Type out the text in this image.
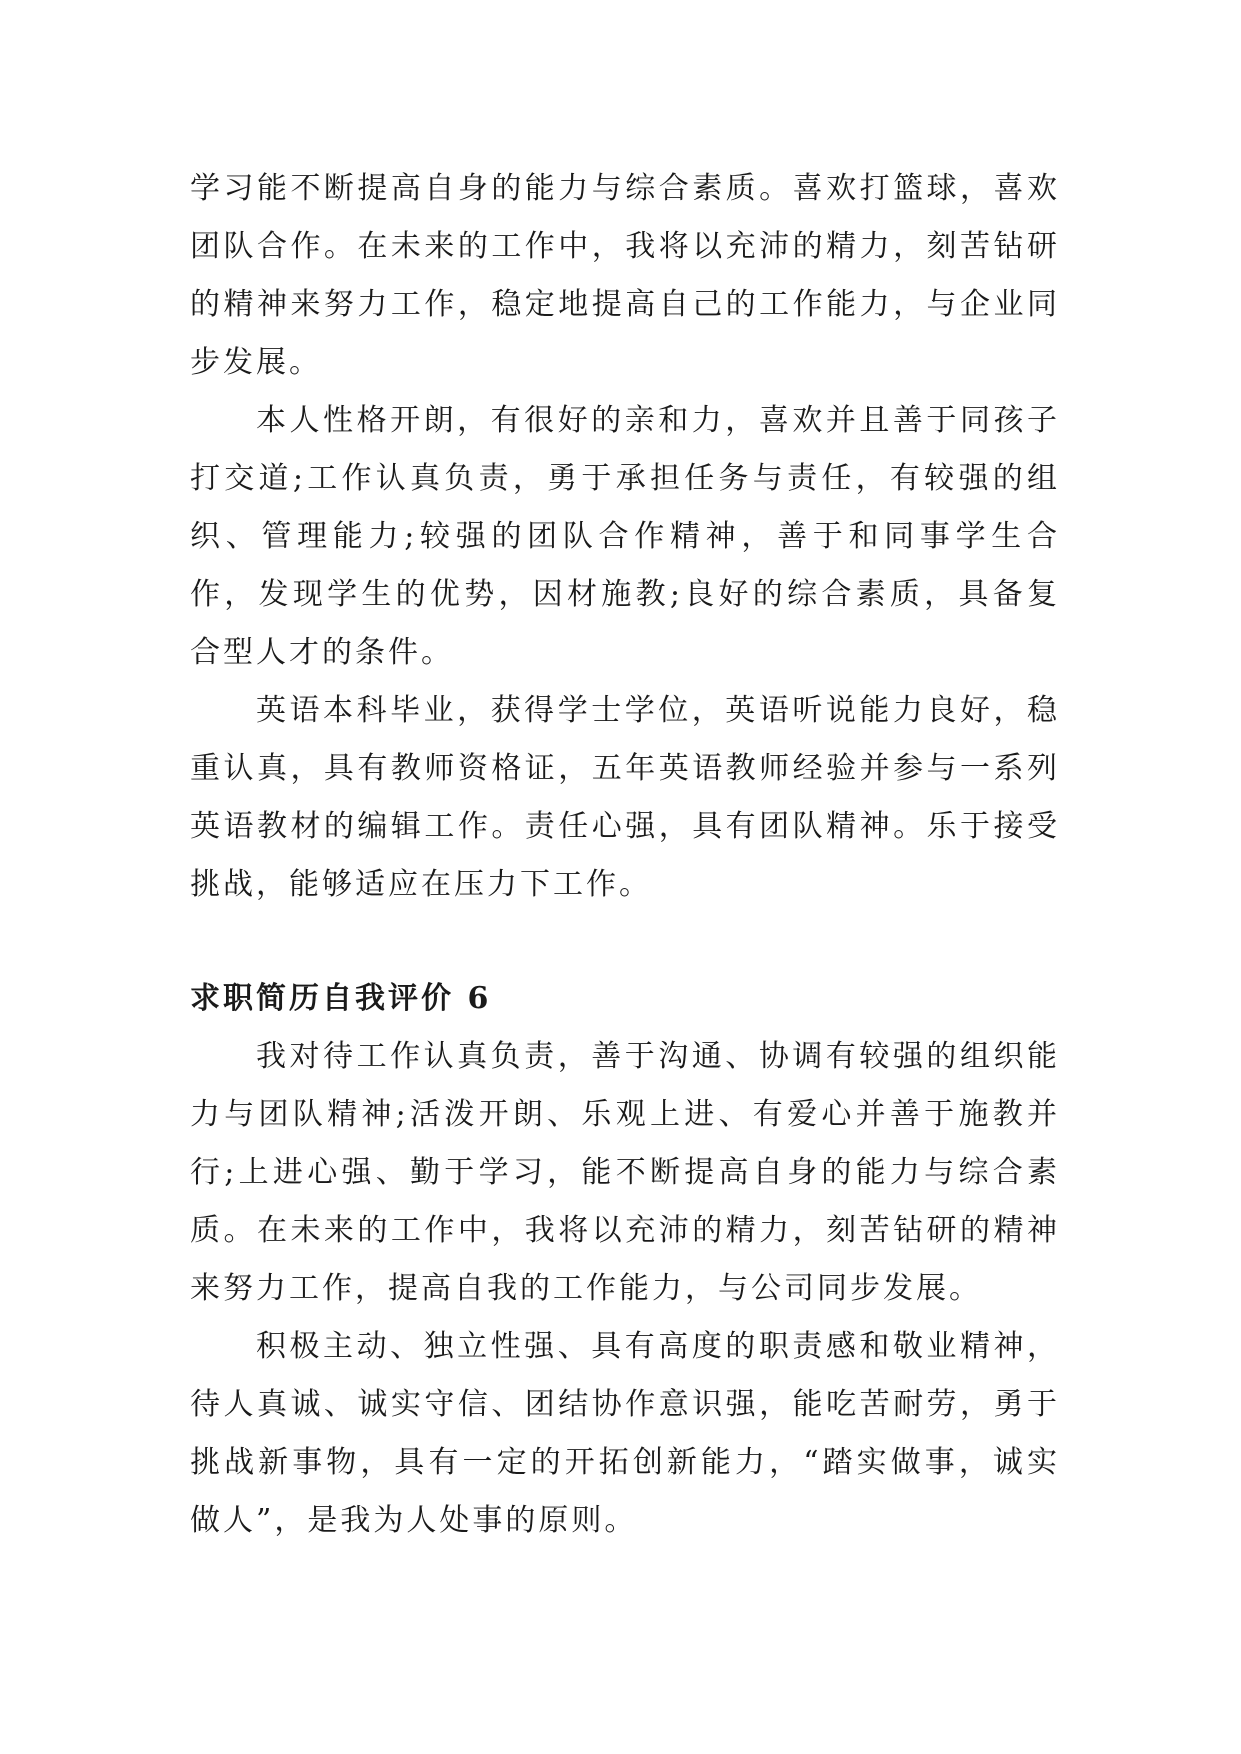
学习能不断提高自身的能力与综合素质。喜欢打篮球，喜欢团队合作。在未来的工作中，我将以充沛的精力，刻苦钻研的精神来努力工作，稳定地提高自己的工作能力，与企业同步发展。

本人性格开朗，有很好的亲和力，喜欢并且善于同孩子打交道;工作认真负责，勇于承担任务与责任，有较强的组织、管理能力;较强的团队合作精神，善于和同事学生合作，发现学生的优势，因材施教;良好的综合素质，具备复合型人才的条件。

英语本科毕业，获得学士学位，英语听说能力良好，稳重认真，具有教师资格证，五年英语教师经验并参与一系列英语教材的编辑工作。责任心强，具有团队精神。乐于接受挑战，能够适应在压力下工作。

求职简历自我评价 6

我对待工作认真负责，善于沟通、协调有较强的组织能力与团队精神;活泼开朗、乐观上进、有爱心并善于施教并行;上进心强、勤于学习，能不断提高自身的能力与综合素质。在未来的工作中，我将以充沛的精力，刻苦钻研的精神来努力工作，提高自我的工作能力，与公司同步发展。

积极主动、独立性强、具有高度的职责感和敬业精神，待人真诚、诚实守信、团结协作意识强，能吃苦耐劳，勇于挑战新事物，具有一定的开拓创新能力，“踏实做事，诚实做人”，是我为人处事的原则。
